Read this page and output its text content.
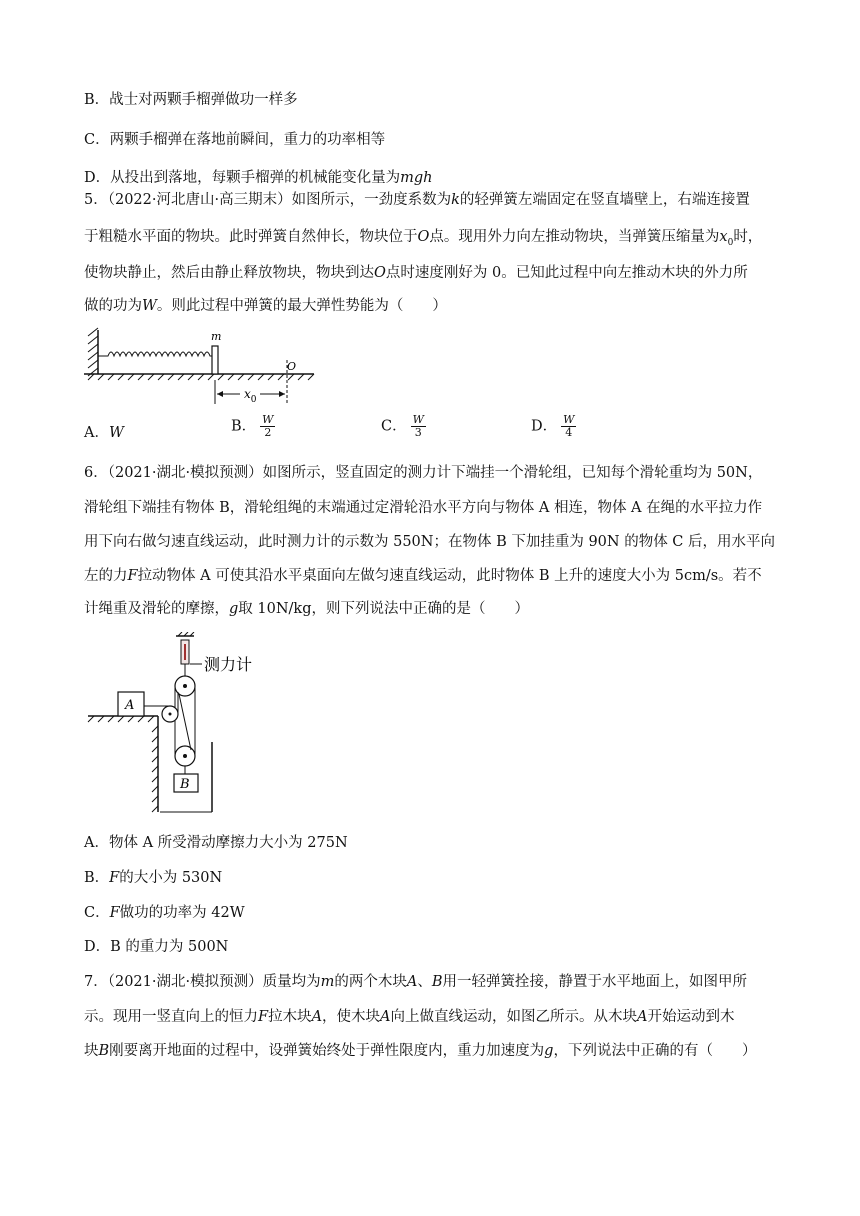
B．战士对两颗手榴弹做功一样多
C．两颗手榴弹在落地前瞬间，重力的功率相等
D．从投出到落地，每颗手榴弹的机械能变化量为mgh
5．（2022·河北唐山·高三期末）如图所示，一劲度系数为k的轻弹簧左端固定在竖直墙壁上，右端连接置
于粗糙水平面的物块。此时弹簧自然伸长，物块位于O点。现用外力向左推动物块，当弹簧压缩量为$x_0$时，
使物块静止，然后由静止释放物块，物块到达O点时速度刚好为 0。已知此过程中向左推动木块的外力所
做的功为W。则此过程中弹簧的最大弹性势能为（　　）
m
O
$x_0$
A．W	B． $\frac{W}{2}$	C． $\frac{W}{3}$	D． $\frac{W}{4}$
6．（2021·湖北·模拟预测）如图所示，竖直固定的测力计下端挂一个滑轮组，已知每个滑轮重均为 50N，
滑轮组下端挂有物体 B，滑轮组绳的末端通过定滑轮沿水平方向与物体 A 相连，物体 A 在绳的水平拉力作
用下向右做匀速直线运动，此时测力计的示数为 550N；在物体 B 下加挂重为 90N 的物体 C 后，用水平向
左的力F拉动物体 A 可使其沿水平桌面向左做匀速直线运动，此时物体 B 上升的速度大小为 5cm/s。若不
计绳重及滑轮的摩擦，g取 10N/kg，则下列说法中正确的是（　　）
测力计
B
A
A．物体 A 所受滑动摩擦力大小为 275N
B．F的大小为 530N
C．F做功的功率为 42W
D．B 的重力为 500N
7．（2021·湖北·模拟预测）质量均为m的两个木块A、B用一轻弹簧拴接，静置于水平地面上，如图甲所
示。现用一竖直向上的恒力F拉木块A，使木块A向上做直线运动，如图乙所示。从木块A开始运动到木
块B刚要离开地面的过程中，设弹簧始终处于弹性限度内，重力加速度为g，下列说法中正确的有（　　）
